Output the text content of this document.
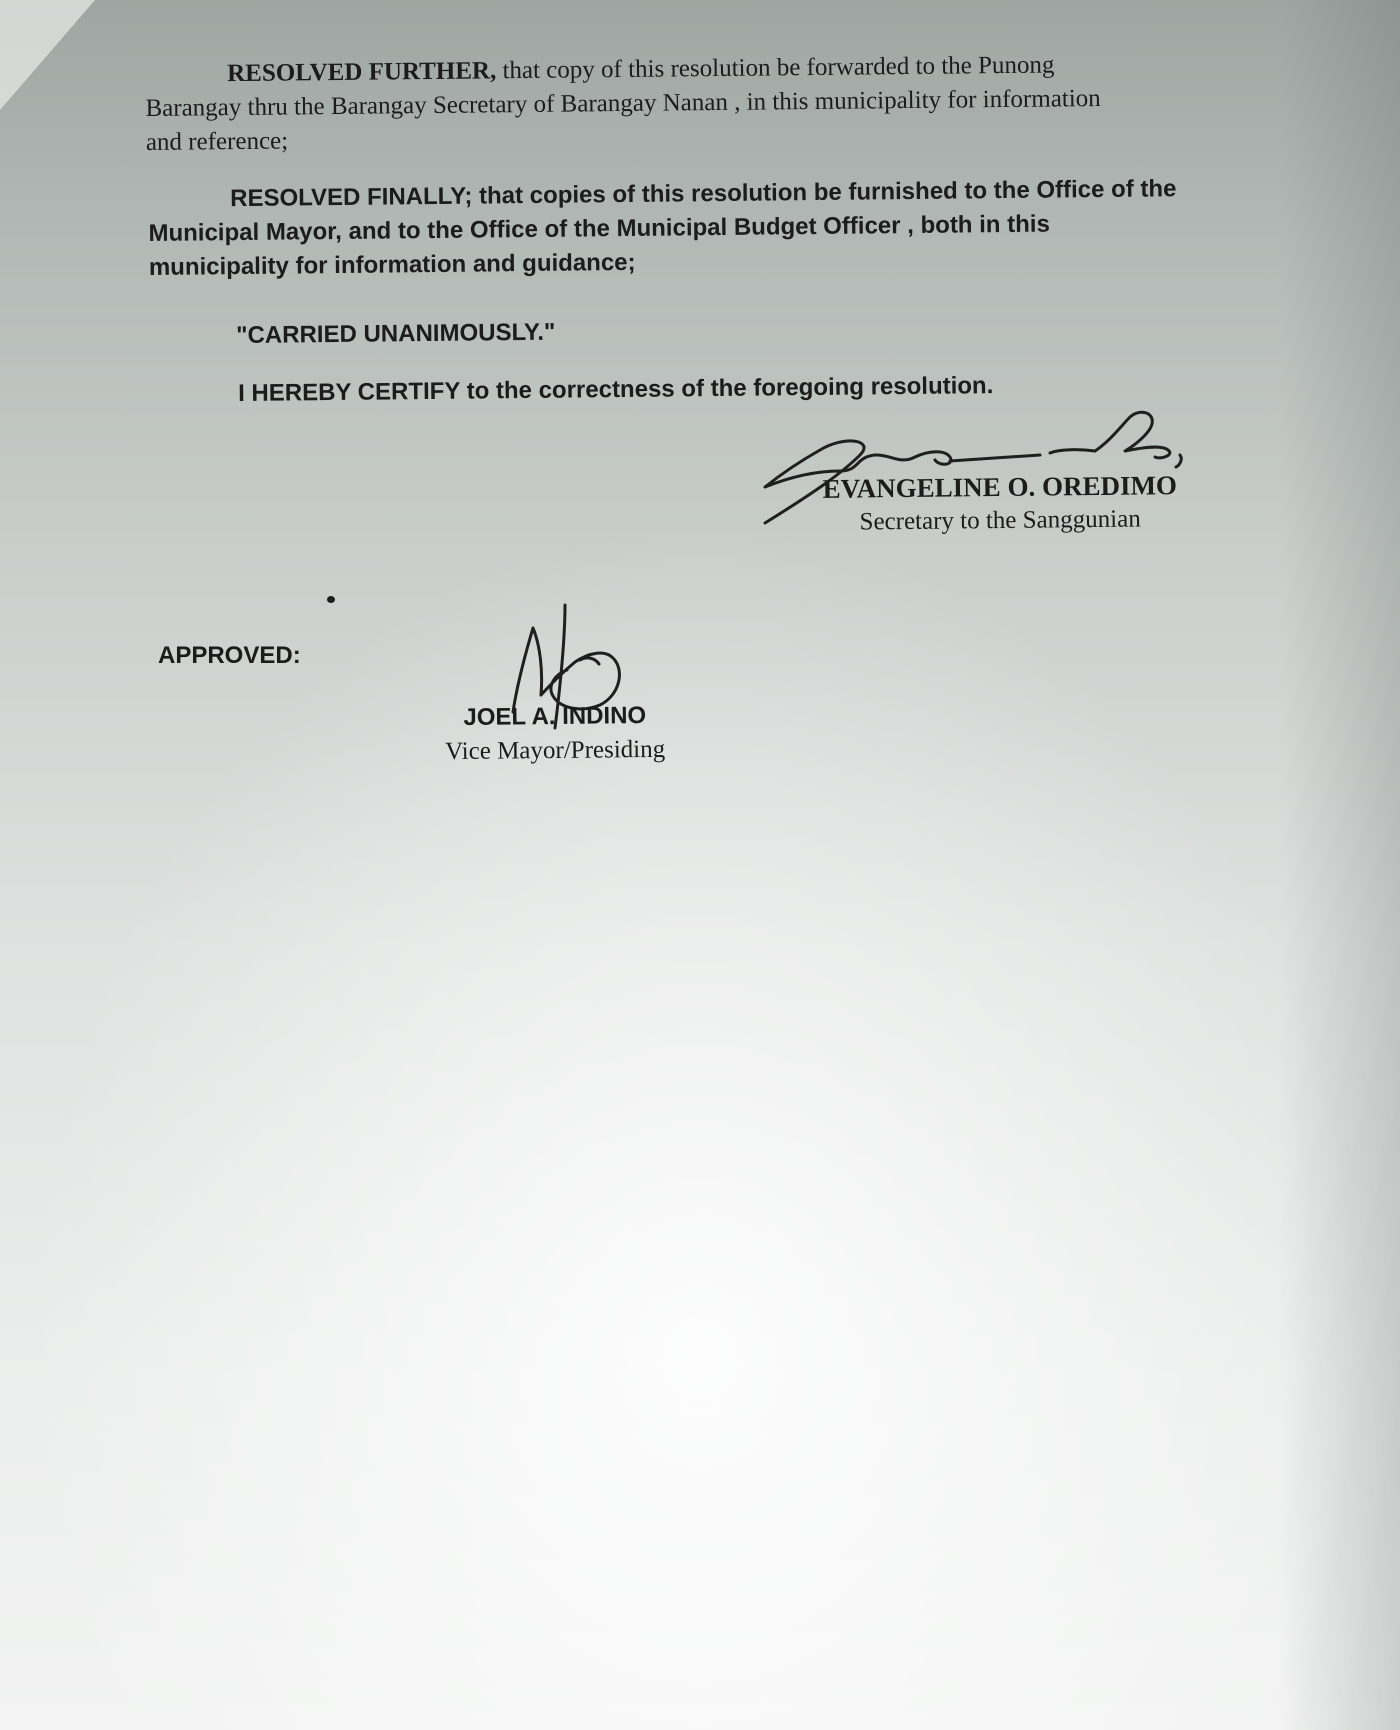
RESOLVED FURTHER, that copy of this resolution be forwarded to the Punong
Barangay thru the Barangay Secretary of Barangay Nanan , in this municipality for information
and reference;

RESOLVED FINALLY; that copies of this resolution be furnished to the Office of the
Municipal Mayor, and to the Office of the Municipal Budget Officer , both in this
municipality for information and guidance;

"CARRIED UNANIMOUSLY."

I HEREBY CERTIFY to the correctness of the foregoing resolution.

EVANGELINE O. OREDIMO
Secretary to the Sanggunian

APPROVED:

JOEL A. INDINO
Vice Mayor/Presiding
